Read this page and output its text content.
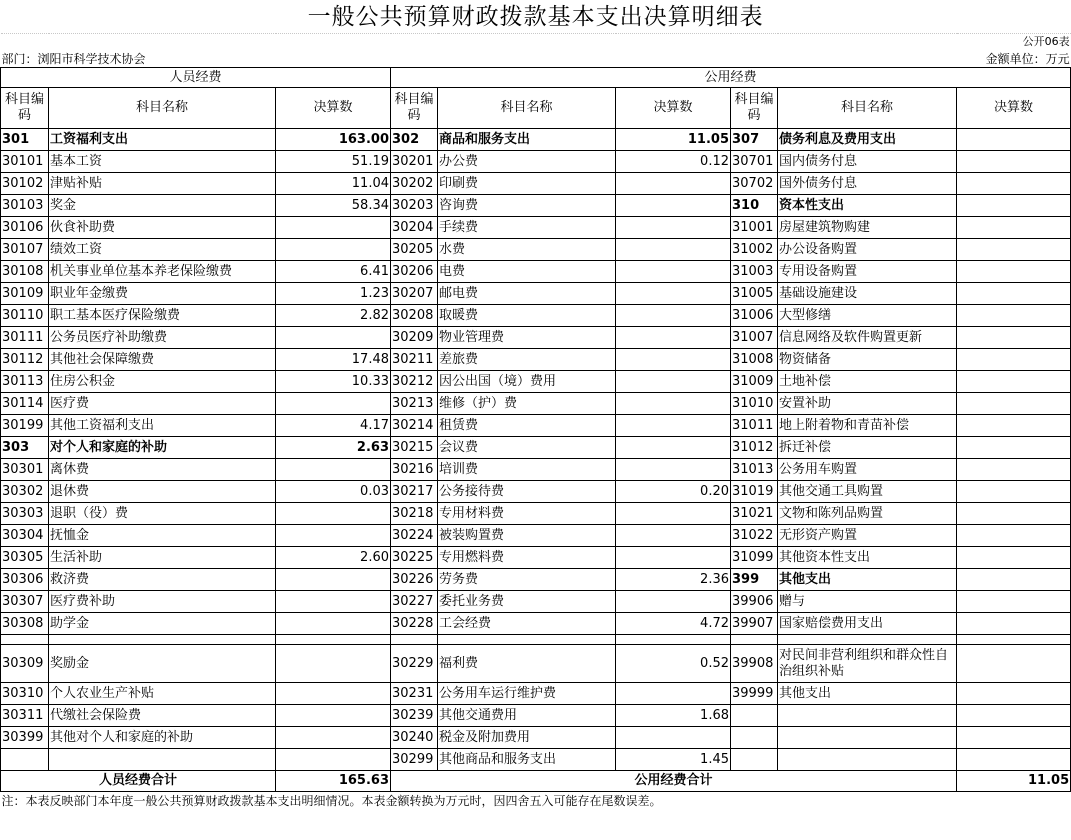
一般公共预算财政拨款基本支出决算明细表								
							公开06表	
部门：浏阳市科学技术协会							金额单位：万元	
人员经费			公用经费					
科目编码	科目名称	决算数	科目编码	科目名称	决算数	科目编码	科目名称	决算数
301	工资福利支出	163.00	302	商品和服务支出	11.05	307	债务利息及费用支出	
30101	基本工资	51.19	30201	办公费	0.12	30701	国内债务付息	
30102	津贴补贴	11.04	30202	印刷费		30702	国外债务付息	
30103	奖金	58.34	30203	咨询费		310	资本性支出	
30106	伙食补助费		30204	手续费		31001	房屋建筑物购建	
30107	绩效工资		30205	水费		31002	办公设备购置	
30108	机关事业单位基本养老保险缴费	6.41	30206	电费		31003	专用设备购置	
30109	职业年金缴费	1.23	30207	邮电费		31005	基础设施建设	
30110	职工基本医疗保险缴费	2.82	30208	取暖费		31006	大型修缮	
30111	公务员医疗补助缴费		30209	物业管理费		31007	信息网络及软件购置更新	
30112	其他社会保障缴费	17.48	30211	差旅费		31008	物资储备	
30113	住房公积金	10.33	30212	因公出国（境）费用		31009	土地补偿	
30114	医疗费		30213	维修（护）费		31010	安置补助	
30199	其他工资福利支出	4.17	30214	租赁费		31011	地上附着物和青苗补偿	
303	对个人和家庭的补助	2.63	30215	会议费		31012	拆迁补偿	
30301	离休费		30216	培训费		31013	公务用车购置	
30302	退休费	0.03	30217	公务接待费	0.20	31019	其他交通工具购置	
30303	退职（役）费		30218	专用材料费		31021	文物和陈列品购置	
30304	抚恤金		30224	被装购置费		31022	无形资产购置	
30305	生活补助	2.60	30225	专用燃料费		31099	其他资本性支出	
30306	救济费		30226	劳务费	2.36	399	其他支出	
30307	医疗费补助		30227	委托业务费		39906	赠与	
30308	助学金		30228	工会经费	4.72	39907	国家赔偿费用支出	

30309	奖励金		30229	福利费	0.52	39908	对民间非营利组织和群众性自治组织补贴	
30310	个人农业生产补贴		30231	公务用车运行维护费		39999	其他支出	
30311	代缴社会保险费		30239	其他交通费用	1.68			
30399	其他对个人和家庭的补助		30240	税金及附加费用				
			30299	其他商品和服务支出	1.45			
人员经费合计		165.63	公用经费合计					11.05
注：本表反映部门本年度一般公共预算财政拨款基本支出明细情况。本表金额转换为万元时，因四舍五入可能存在尾数误差。								
